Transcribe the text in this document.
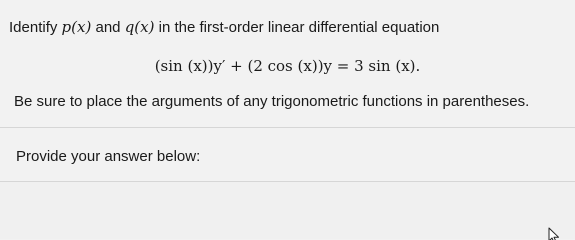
Identify p(x) and q(x) in the first-order linear differential equation
(sin (x))y′ + (2 cos (x))y = 3 sin (x).
Be sure to place the arguments of any trigonometric functions in parentheses.
Provide your answer below:
